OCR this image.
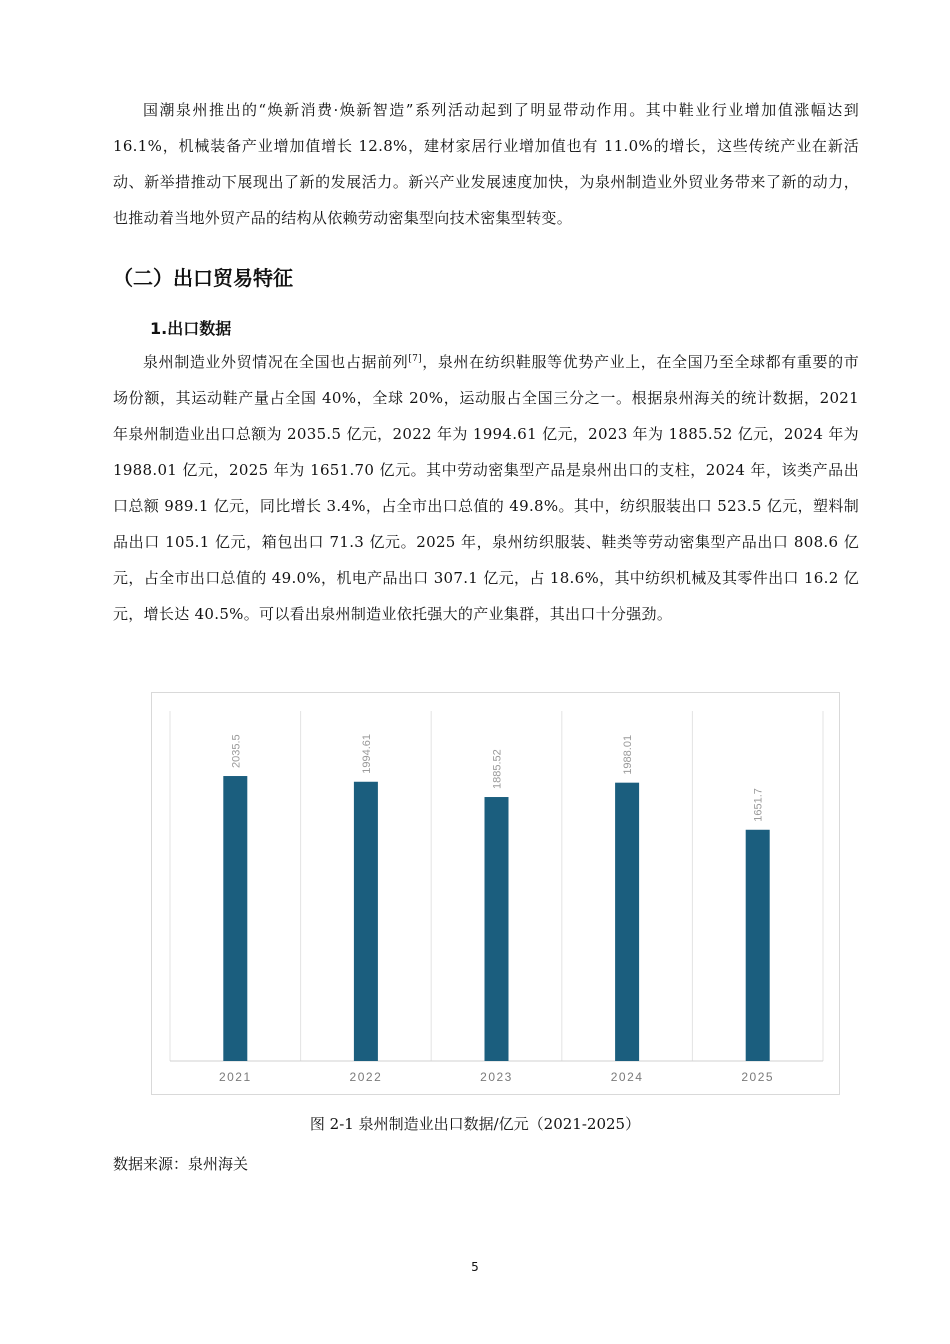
国潮泉州推出的“焕新消费·焕新智造”系列活动起到了明显带动作用。其中鞋业行业增加值涨幅达到 16.1%，机械装备产业增加值增长 12.8%，建材家居行业增加值也有 11.0%的增长，这些传统产业在新活动、新举措推动下展现出了新的发展活力。新兴产业发展速度加快，为泉州制造业外贸业务带来了新的动力，也推动着当地外贸产品的结构从依赖劳动密集型向技术密集型转变。

（二）出口贸易特征
1.出口数据

泉州制造业外贸情况在全国也占据前列[7]，泉州在纺织鞋服等优势产业上，在全国乃至全球都有重要的市场份额，其运动鞋产量占全国 40%，全球 20%，运动服占全国三分之一。根据泉州海关的统计数据，2021 年泉州制造业出口总额为 2035.5 亿元，2022 年为 1994.61 亿元，2023 年为 1885.52 亿元，2024 年为 1988.01 亿元，2025 年为 1651.70 亿元。其中劳动密集型产品是泉州出口的支柱，2024 年，该类产品出口总额 989.1 亿元，同比增长 3.4%，占全市出口总值的 49.8%。其中，纺织服装出口 523.5 亿元，塑料制品出口 105.1 亿元，箱包出口 71.3 亿元。2025 年，泉州纺织服装、鞋类等劳动密集型产品出口 808.6 亿元，占全市出口总值的 49.0%，机电产品出口 307.1 亿元，占 18.6%，其中纺织机械及其零件出口 16.2 亿元，增长达 40.5%。可以看出泉州制造业依托强大的产业集群，其出口十分强劲。

2035.5
2021
1994.61
2022
1885.52
2023
1988.01
2024
1651.7
2025

图 2-1 泉州制造业出口数据/亿元（2021-2025）

数据来源：泉州海关

5
